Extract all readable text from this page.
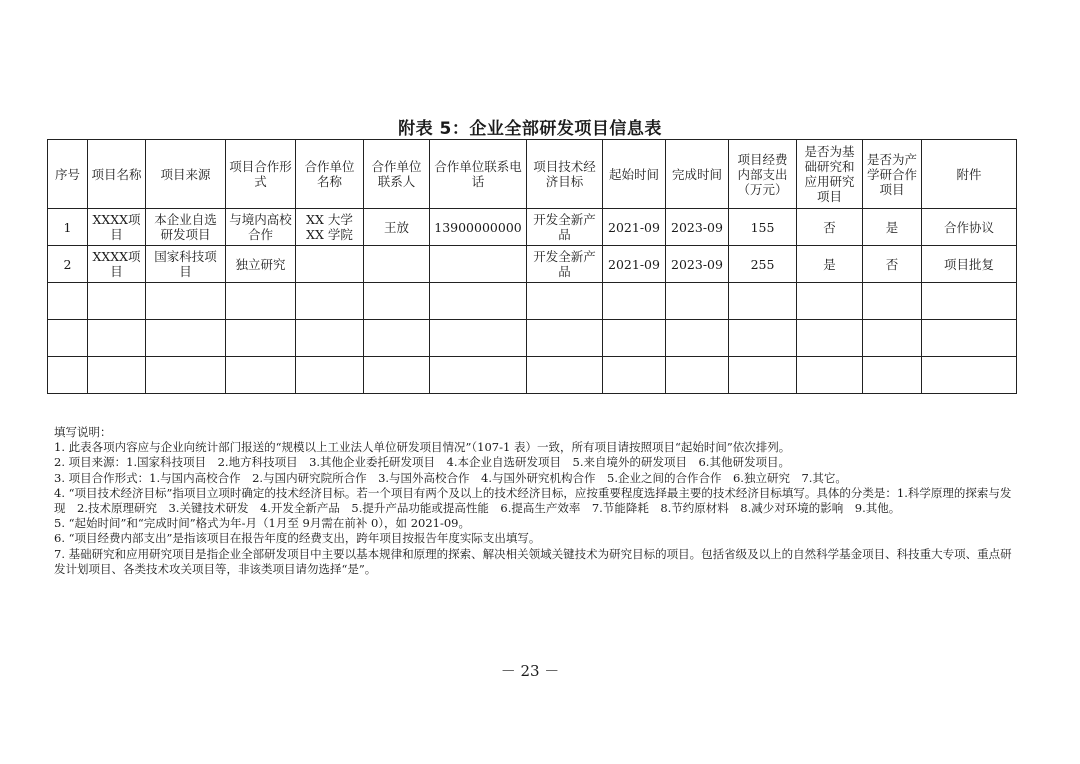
附表 5：企业全部研发项目信息表
序号	项目名称	项目来源	项目合作形式	合作单位名称	合作单位联系人	合作单位联系电话	项目技术经济目标	起始时间	完成时间	项目经费内部支出（万元）	是否为基础研究和应用研究项目	是否为产学研合作项目	附件
1	XXXX项目	本企业自选研发项目	与境内高校合作	XX 大学XX 学院	王放	13900000000	开发全新产品	2021-09	2023-09	155	否	是	合作协议
2	XXXX项目	国家科技项目	独立研究				开发全新产品	2021-09	2023-09	255	是	否	项目批复

填写说明：
1. 此表各项内容应与企业向统计部门报送的“规模以上工业法人单位研发项目情况”（107-1 表）一致，所有项目请按照项目“起始时间”依次排列。
2. 项目来源：1.国家科技项目　2.地方科技项目　3.其他企业委托研发项目　4.本企业自选研发项目　5.来自境外的研发项目　6.其他研发项目。
3. 项目合作形式：1.与国内高校合作　2.与国内研究院所合作　3.与国外高校合作　4.与国外研究机构合作　5.企业之间的合作合作　6.独立研究　7.其它。
4. “项目技术经济目标”指项目立项时确定的技术经济目标。若一个项目有两个及以上的技术经济目标，应按重要程度选择最主要的技术经济目标填写。具体的分类是：1.科学原理的探索与发现　2.技术原理研究　3.关键技术研发　4.开发全新产品　5.提升产品功能或提高性能　6.提高生产效率　7.节能降耗　8.节约原材料　8.减少对环境的影响　9.其他。
5. “起始时间”和“完成时间”格式为年-月（1月至 9月需在前补 0），如 2021-09。
6. “项目经费内部支出”是指该项目在报告年度的经费支出，跨年项目按报告年度实际支出填写。
7. 基础研究和应用研究项目是指企业全部研发项目中主要以基本规律和原理的探索、解决相关领域关键技术为研究目标的项目。包括省级及以上的自然科学基金项目、科技重大专项、重点研发计划项目、各类技术攻关项目等，非该类项目请勿选择“是”。
－ 23 －
